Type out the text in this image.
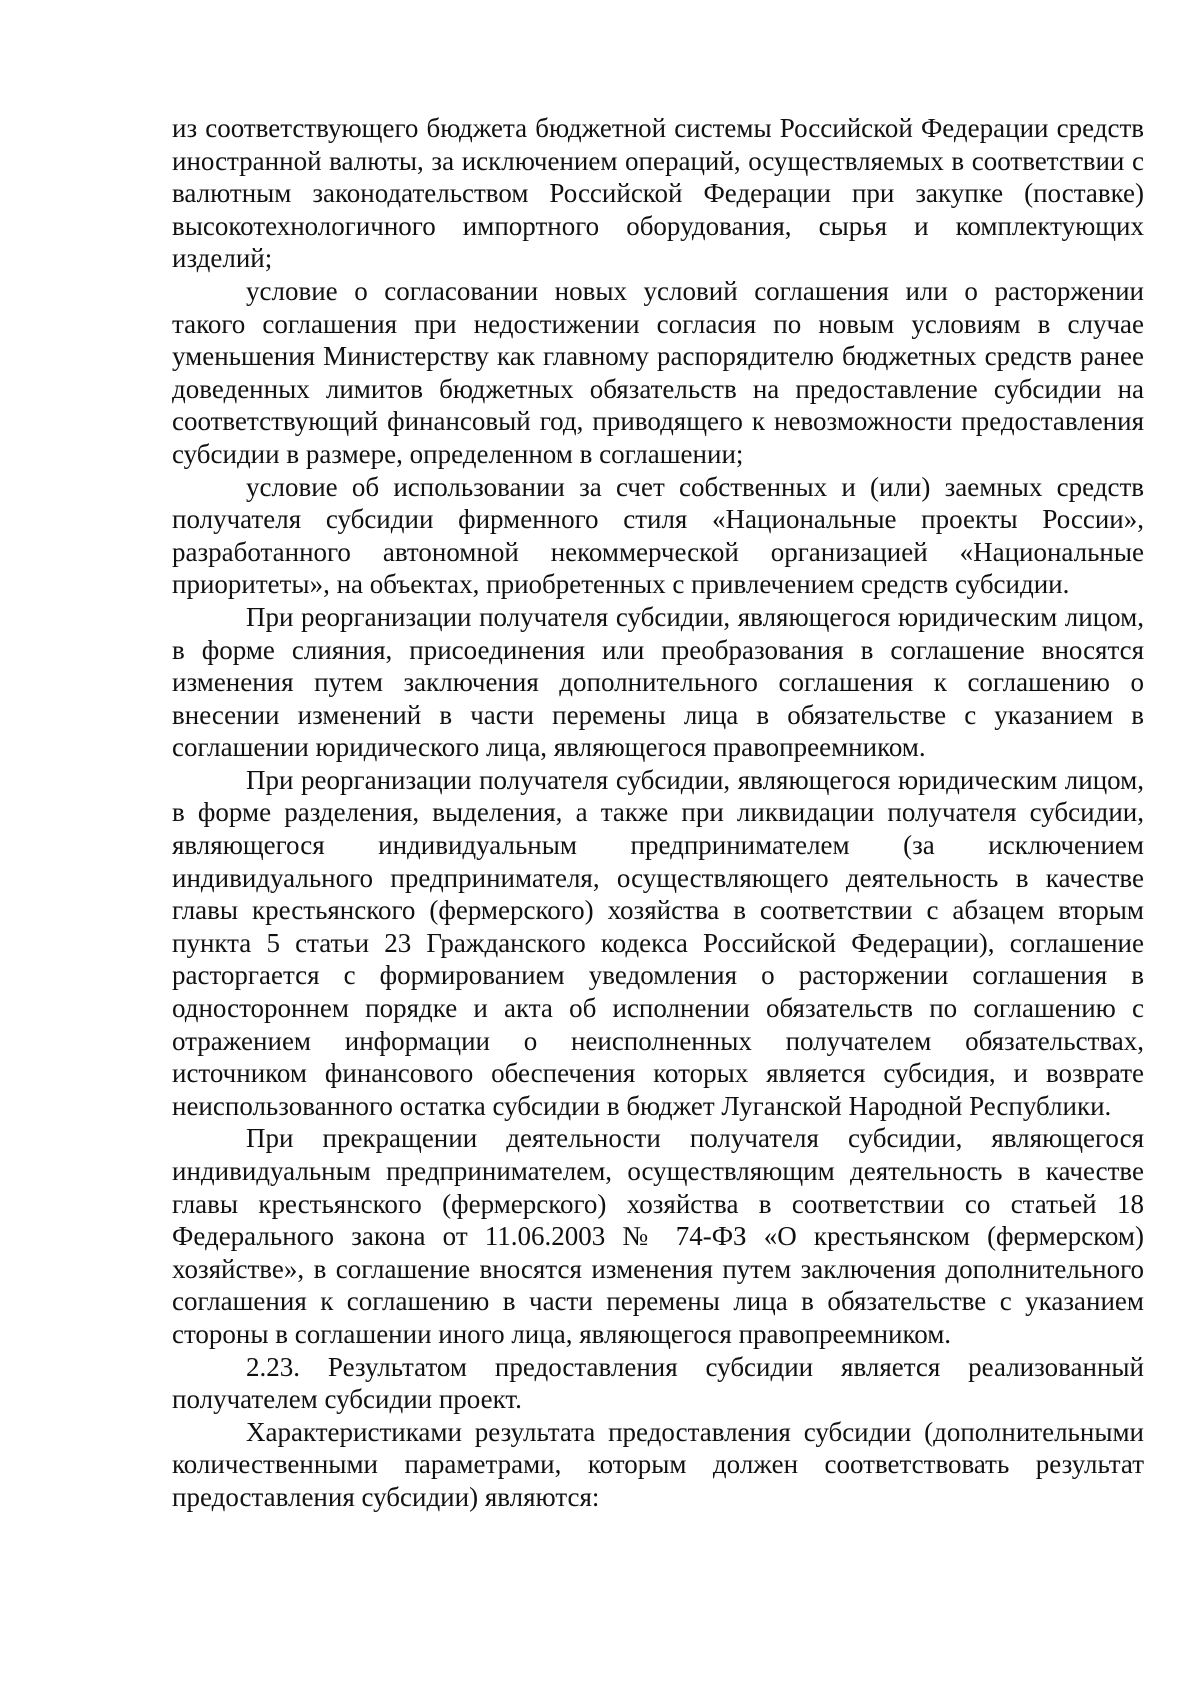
из соответствующего бюджета бюджетной системы Российской Федерации средств иностранной валюты, за исключением операций, осуществляемых в соответствии с валютным законодательством Российской Федерации при закупке (поставке) высокотехнологичного импортного оборудования, сырья и комплектующих изделий;

условие о согласовании новых условий соглашения или о расторжении такого соглашения при недостижении согласия по новым условиям в случае уменьшения Министерству как главному распорядителю бюджетных средств ранее доведенных лимитов бюджетных обязательств на предоставление субсидии на соответствующий финансовый год, приводящего к невозможности предоставления субсидии в размере, определенном в соглашении;

условие об использовании за счет собственных и (или) заемных средств получателя субсидии фирменного стиля «Национальные проекты России», разработанного автономной некоммерческой организацией «Национальные приоритеты», на объектах, приобретенных с привлечением средств субсидии.

При реорганизации получателя субсидии, являющегося юридическим лицом, в форме слияния, присоединения или преобразования в соглашение вносятся изменения путем заключения дополнительного соглашения к соглашению о внесении изменений в части перемены лица в обязательстве с указанием в соглашении юридического лица, являющегося правопреемником.

При реорганизации получателя субсидии, являющегося юридическим лицом, в форме разделения, выделения, а также при ликвидации получателя субсидии, являющегося индивидуальным предпринимателем (за исключением индивидуального предпринимателя, осуществляющего деятельность в качестве главы крестьянского (фермерского) хозяйства в соответствии с абзацем вторым пункта 5 статьи 23 Гражданского кодекса Российской Федерации), соглашение расторгается с формированием уведомления о расторжении соглашения в одностороннем порядке и акта об исполнении обязательств по соглашению с отражением информации о неисполненных получателем обязательствах, источником финансового обеспечения которых является субсидия, и возврате неиспользованного остатка субсидии в бюджет Луганской Народной Республики.

При прекращении деятельности получателя субсидии, являющегося индивидуальным предпринимателем, осуществляющим деятельность в качестве главы крестьянского (фермерского) хозяйства в соответствии со статьей 18 Федерального закона от 11.06.2003 № 74-ФЗ «О крестьянском (фермерском) хозяйстве», в соглашение вносятся изменения путем заключения дополнительного соглашения к соглашению в части перемены лица в обязательстве с указанием стороны в соглашении иного лица, являющегося правопреемником.

2.23. Результатом предоставления субсидии является реализованный получателем субсидии проект.

Характеристиками результата предоставления субсидии (дополнительными количественными параметрами, которым должен соответствовать результат предоставления субсидии) являются:
